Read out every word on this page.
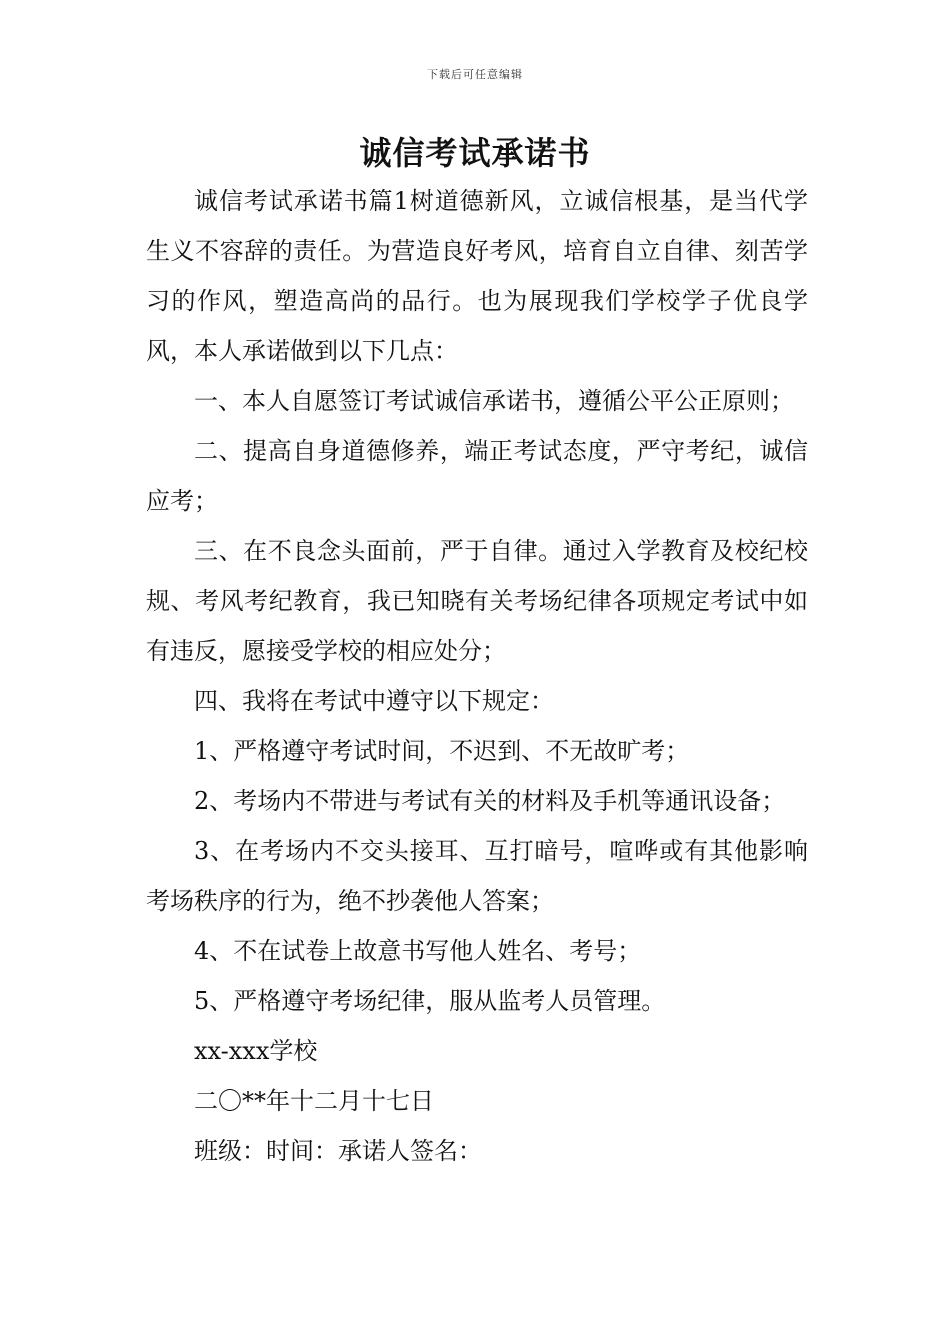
下载后可任意编辑
诚信考试承诺书

诚信考试承诺书篇1树道德新风，立诚信根基，是当代学生义不容辞的责任。为营造良好考风，培育自立自律、刻苦学习的作风，塑造高尚的品行。也为展现我们学校学子优良学风，本人承诺做到以下几点：

一、本人自愿签订考试诚信承诺书，遵循公平公正原则；

二、提高自身道德修养，端正考试态度，严守考纪，诚信应考；

三、在不良念头面前，严于自律。通过入学教育及校纪校规、考风考纪教育，我已知晓有关考场纪律各项规定考试中如有违反，愿接受学校的相应处分；

四、我将在考试中遵守以下规定：

1、严格遵守考试时间，不迟到、不无故旷考；

2、考场内不带进与考试有关的材料及手机等通讯设备；

3、在考场内不交头接耳、互打暗号，喧哗或有其他影响考场秩序的行为，绝不抄袭他人答案；

4、不在试卷上故意书写他人姓名、考号；

5、严格遵守考场纪律，服从监考人员管理。

xx-xxx学校

二〇**年十二月十七日

班级：时间：承诺人签名：
